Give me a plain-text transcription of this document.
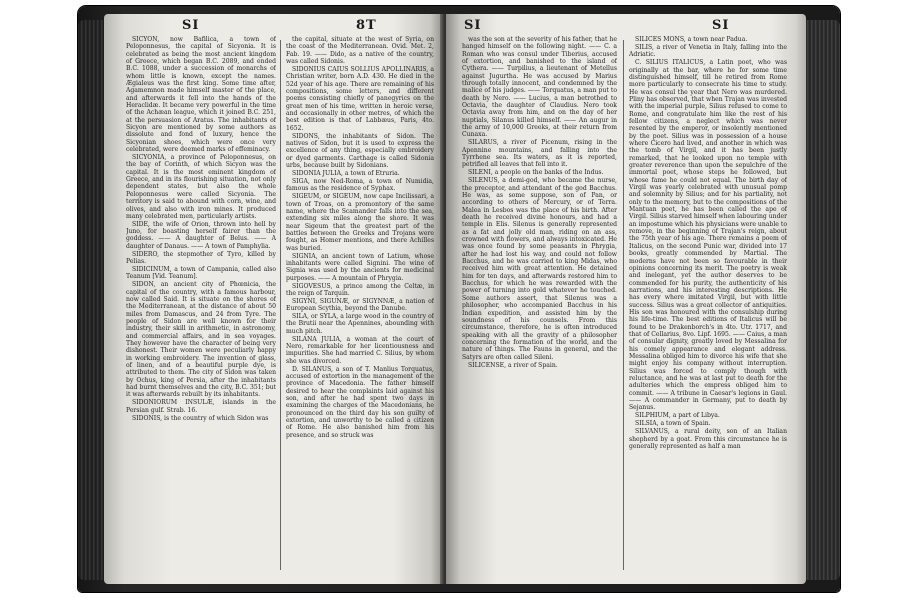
SI	8T

SICYON, now Bafilica, a town of Peloponnesus, the capital of Sicyonia. It is celebrated as being the most ancient kingdom of Greece, which began B.C. 2089, and ended B.C. 1088, under a succession of monarchs of whom little is known, except the names. Ægialeus was the first king. Some time after, Agamemnon made himself master of the place, and afterwards it fell into the hands of the Heraclidæ. It became very powerful in the time of the Achæan league, which it joined B.C. 251, at the persuasion of Aratus. The inhabitants of Sicyon are mentioned by some authors as dissolute and fond of luxury, hence the Sicyonian shoes, which were once very celebrated, were deemed marks of effeminacy.

SICYONIA, a province of Peloponnesus, on the bay of Corinth, of which Sicyon was the capital. It is the most eminent kingdom of Greece, and in its flourishing situation, not only dependent states, but also the whole Peloponnesus were called Sicyonia. The territory is said to abound with corn, wine, and olives, and also with iron mines. It produced many celebrated men, particularly artists.

SIDE, the wife of Orion, thrown into hell by Juno, for boasting herself fairer than the goddess. —— A daughter of Belus. —— A daughter of Danaus. —— A town of Pamphylia.

SIDERO, the stepmother of Tyro, killed by Pelias.

SIDICINUM, a town of Campania, called also Teanum [Vid. Teanum].

SIDON, an ancient city of Phœnicia, the capital of the country, with a famous harbour, now called Said. It is situate on the shores of the Mediterranean, at the distance of about 50 miles from Damascus, and 24 from Tyre. The people of Sidon are well known for their industry, their skill in arithmetic, in astronomy, and commercial affairs, and in sea voyages. They however have the character of being very dishonest. Their women were peculiarly happy in working embroidery. The invention of glass, of linen, and of a beautiful purple dye, is attributed to them. The city of Sidon was taken by Ochus, king of Persia, after the inhabitants had burnt themselves and the city, B.C. 351; but it was afterwards rebuilt by its inhabitants.

SIDONIORUM INSULÆ, islands in the Persian gulf. Strab. 16.

SIDONIS, is the country of which Sidon was

the capital, situate at the west of Syria, on the coast of the Mediterranean. Ovid. Met. 2, Fab. 19. —— Dido, as a native of the country, was called Sidonis.

SIDONIUS CAIUS SOLLIUS APOLLINARIS, a Christian writer, born A.D. 430. He died in the 52d year of his age. There are remaining of his compositions, some letters, and different poems consisting chiefly of panegyrics on the great men of his time, written in heroic verse, and occasionally in other metres, of which the best edition is that of Labbæus, Paris, 4to. 1652.

SIDONS, the inhabitants of Sidon. The natives of Sidon, but it is used to express the excellence of any thing, especially embroidery or dyed garments. Carthage is called Sidonia urbs, because built by Sidonians.

SIDONIA JULIA, a town of Etruria.

SIGA, now Ned-Roma, a town of Numidia, famous as the residence of Syphax.

SIGEUM, or SIGEUM, now cape Incilissari, a town of Troas, on a promontory of the same name, where the Scamander falls into the sea, extending six miles along the shore. It was near Sigeum that the greatest part of the battles between the Greeks and Trojans were fought, as Homer mentions, and there Achilles was buried.

SIGNIA, an ancient town of Latium, whose inhabitants were called Signini. The wine of Signia was used by the ancients for medicinal purposes. —— A mountain of Phrygia.

SIGOVESUS, a prince among the Celtæ, in the reign of Tarquin.

SIGYNI, SIGUNÆ, or SIGYNNÆ, a nation of European Scythia, beyond the Danube.

SILA, or SYLA, a large wood in the country of the Brutii near the Apennines, abounding with much pitch.

SILANA JULIA, a woman at the court of Nero, remarkable for her licentiousness and impurities. She had married C. Silius, by whom she was divorced.

D. SILANUS, a son of T. Manlius Torquatus, accused of extortion in the management of the province of Macedonia. The father himself desired to hear the complaints laid against his son, and after he had spent two days in examining the charges of the Macedonians, he pronounced on the third day his son guilty of extortion, and unworthy to be called a citizen of Rome. He also banished him from his presence, and so struck was

SI	SI

was the son at the severity of his father, that he hanged himself on the following night. —— C. a Roman who was consul under Tiberius, accused of extortion, and banished to the island of Cythera. —— Turpilius, a lieutenant of Metellus against Jugurtha. He was accused by Marius through totally innocent, and condemned by the malice of his judges. —— Torquatus, a man put to death by Nero. —— Lucius, a man betrothed to Octavia, the daughter of Claudius. Nero took Octavia away from him, and on the day of her nuptials, Silanus killed himself. —— An augur in the army of 10,000 Greeks, at their return from Cunaxa.

SILARUS, a river of Picenum, rising in the Apennine mountains, and falling into the Tyrrhene sea. Its waters, as it is reported, petrified all leaves that fell into it.

SILENI, a people on the banks of the Indus.

SILENUS, a demi-god, who became the nurse, the preceptor, and attendant of the god Bacchus. He was, as some suppose, son of Pan, or according to others of Mercury, or of Terra. Malea in Lesbos was the place of his birth. After death he received divine honours, and had a temple in Elis. Silenus is generally represented as a fat and jolly old man, riding on an ass, crowned with flowers, and always intoxicated. He was once found by some peasants in Phrygia, after he had lost his way, and could not follow Bacchus, and he was carried to king Midas, who received him with great attention. He detained him for ten days, and afterwards restored him to Bacchus, for which he was rewarded with the power of turning into gold whatever he touched. Some authors assert, that Silenus was a philosopher, who accompanied Bacchus in his Indian expedition, and assisted him by the soundness of his counsels. From this circumstance, therefore, he is often introduced speaking with all the gravity of a philosopher concerning the formation of the world, and the nature of things. The Fauns in general, and the Satyrs are often called Sileni.

SILICENSE, a river of Spain.

SILICES MONS, a town near Padua.

SILIS, a river of Venetia in Italy, falling into the Adriatic.

C. SILIUS ITALICUS, a Latin poet, who was originally at the bar, where he for some time distinguished himself, till he retired from Rome more particularly to consecrate his time to study. He was consul the year that Nero was murdered. Pliny has observed, that when Trajan was invested with the imperial purple, Silius refused to come to Rome, and congratulate him like the rest of his fellow citizens, a neglect which was never resented by the emperor, or insolently mentioned by the poet. Silius was in possession of a house where Cicero had lived, and another in which was the tomb of Virgil, and it has been justly remarked, that he looked upon no temple with greater reverence than upon the sepulchre of the immortal poet, whose steps he followed, but whose fame he could not equal. The birth day of Virgil was yearly celebrated with unusual pomp and solemnity by Silius; and for his partiality, not only to the memory, but to the compositions of the Mantuan poet, he has been called the ape of Virgil. Silius starved himself when labouring under an impostume which his physicians were unable to remove, in the beginning of Trajan's reign, about the 75th year of his age. There remains a poem of Italicus, on the second Punic war, divided into 17 books, greatly commended by Martial. The moderns have not been so favourable in their opinions concerning its merit. The poetry is weak and inelegant, yet the author deserves to be commended for his purity, the authenticity of his narrations, and his interesting descriptions. He has every where imitated Virgil, but with little success. Silius was a great collector of antiquities. His son was honoured with the consulship during his life-time. The best editions of Italicus will be found to be Drakenborch's in 4to. Utr. 1717, and that of Cellarius, 8vo. Lipf. 1695. —— Caius, a man of consular dignity, greatly loved by Messalina for his comely appearance and elegant address. Messalina obliged him to divorce his wife that she might enjoy his company without interruption. Silius was forced to comply though with reluctance, and he was at last put to death for the adulteries which the empress obliged him to commit. —— A tribune in Caesar's legions in Gaul. —— A commander in Germany, put to death by Sejanus.

SILPHIUM, a part of Libya.

SILSIA, a town of Spain.

SILVANUS, a rural deity, son of an Italian shepherd by a goat. From this circumstance he is generally represented as half a man
